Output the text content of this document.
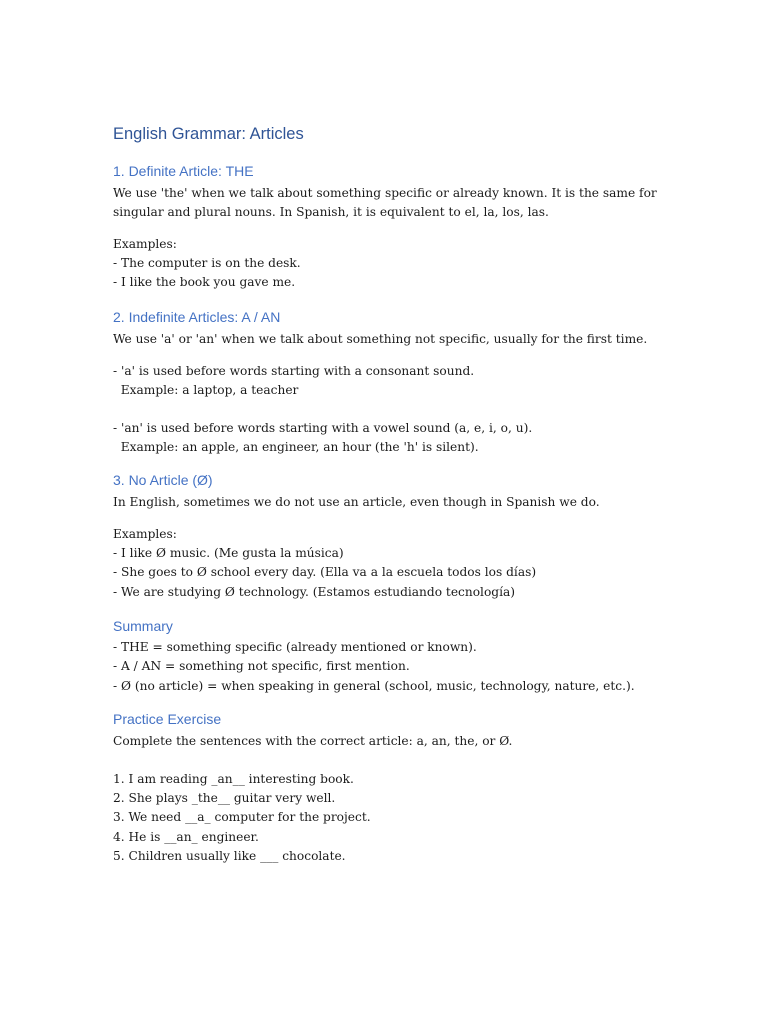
English Grammar: Articles
1. Definite Article: THE

We use 'the' when we talk about something specific or already known. It is the same for

singular and plural nouns. In Spanish, it is equivalent to el, la, los, las.

Examples:

- The computer is on the desk.

- I like the book you gave me.

2. Indefinite Articles: A / AN

We use 'a' or 'an' when we talk about something not specific, usually for the first time.

- 'a' is used before words starting with a consonant sound.

Example: a laptop, a teacher

- 'an' is used before words starting with a vowel sound (a, e, i, o, u).

Example: an apple, an engineer, an hour (the 'h' is silent).

3. No Article (Ø)

In English, sometimes we do not use an article, even though in Spanish we do.

Examples:

- I like Ø music. (Me gusta la música)

- She goes to Ø school every day. (Ella va a la escuela todos los días)

- We are studying Ø technology. (Estamos estudiando tecnología)

Summary

- THE = something specific (already mentioned or known).

- A / AN = something not specific, first mention.

- Ø (no article) = when speaking in general (school, music, technology, nature, etc.).

Practice Exercise

Complete the sentences with the correct article: a, an, the, or Ø.

1. I am reading _an__ interesting book.

2. She plays _the__ guitar very well.

3. We need __a_ computer for the project.

4. He is __an_ engineer.

5. Children usually like ___ chocolate.
